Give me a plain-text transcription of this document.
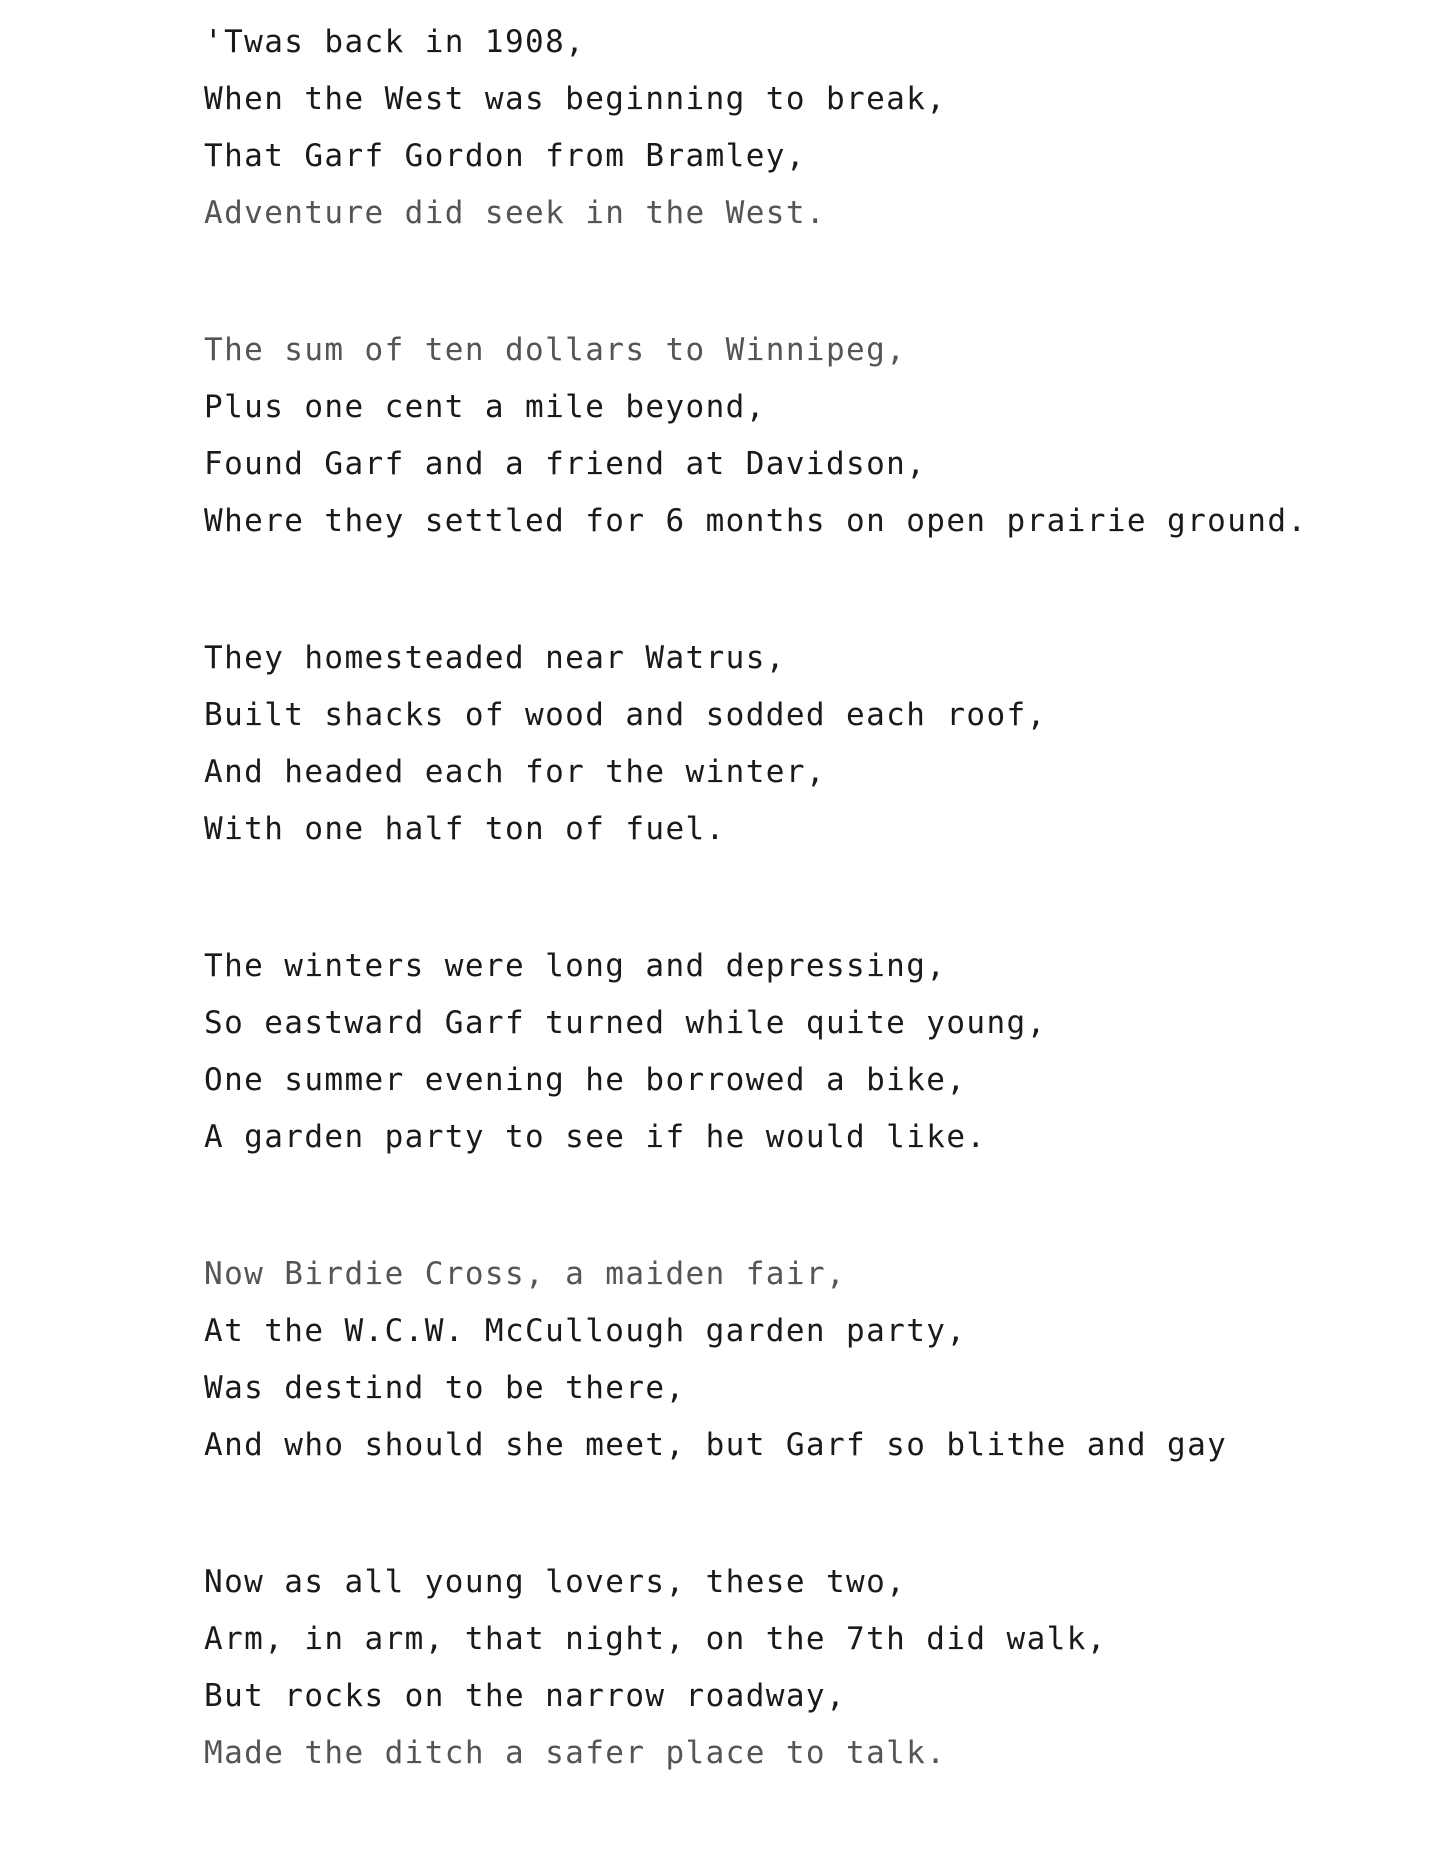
'Twas back in 1908,
When the West was beginning to break,
That Garf Gordon from Bramley,
Adventure did seek in the West.
The sum of ten dollars to Winnipeg,
Plus one cent a mile beyond,
Found Garf and a friend at Davidson,
Where they settled for 6 months on open prairie ground.
They homesteaded near Watrus,
Built shacks of wood and sodded each roof,
And headed each for the winter,
With one half ton of fuel.
The winters were long and depressing,
So eastward Garf turned while quite young,
One summer evening he borrowed a bike,
A garden party to see if he would like.
Now Birdie Cross, a maiden fair,
At the W.C.W. McCullough garden party,
Was destind to be there,
And who should she meet, but Garf so blithe and gay
Now as all young lovers, these two,
Arm, in arm, that night, on the 7th did walk,
But rocks on the narrow roadway,
Made the ditch a safer place to talk.
